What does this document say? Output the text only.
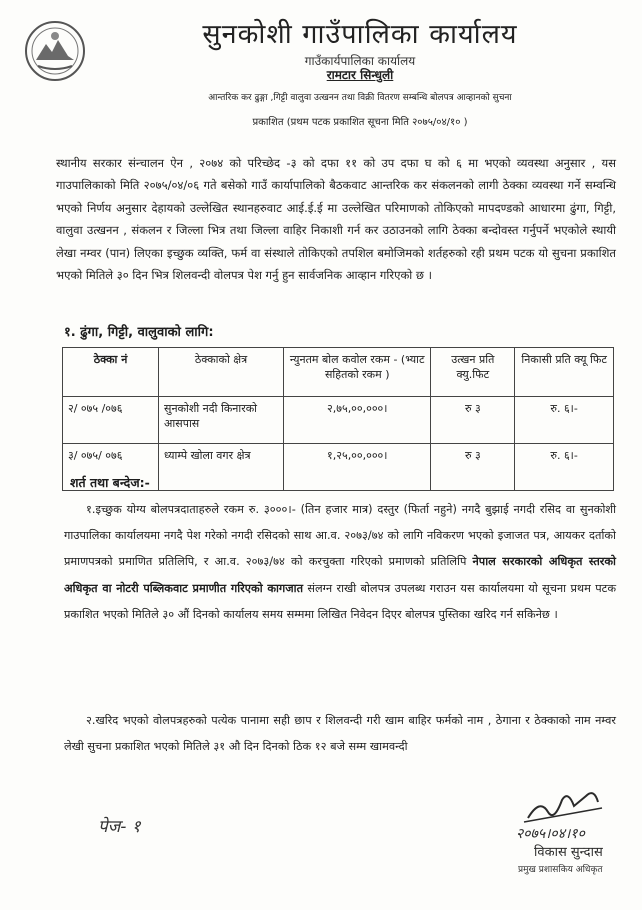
सुनकोशी गाउँपालिका कार्यालय
गाउँकार्यपालिका कार्यालय
रामटार सिन्धुली
आन्तरिक कर ढुङ्गा ,गिट्टी वालुवा उत्खनन तथा विक्री वितरण सम्बन्धि बोलपत्र आव्हानको सुचना
प्रकाशित (प्रथम पटक प्रकाशित सूचना मिति २०७५/०४/१० )
स्थानीय सरकार संन्चालन ऐन , २०७४ को परिच्छेद -३ को दफा ११ को उप दफा घ को ६ मा भएको व्यवस्था अनुसार , यस गाउपालिकाको मिति २०७५/०४/०६ गते बसेको गाउँ कार्यापालिको बैठकवाट आन्तरिक कर संकलनको लागी ठेक्का व्यवस्था गर्ने सम्वन्धि भएको निर्णय अनुसार देहायको उल्लेखित स्थानहरुवाट आई.ई.ई मा उल्लेखित परिमाणको तोकिएको मापदण्डको आधारमा ढुंगा, गिट्टी, वालुवा उत्खनन , संकलन र जिल्ला भित्र तथा जिल्ला वाहिर निकाशी गर्न कर उठाउनको लागि ठेक्का बन्दोवस्त गर्नुपर्ने भएकोले स्थायी लेखा नम्वर (पान) लिएका इच्छुक व्यक्ति, फर्म वा संस्थाले तोकिएको तपशिल बमोजिमको शर्तहरुको रही प्रथम पटक यो सुचना प्रकाशित भएको मितिले ३० दिन भित्र शिलवन्दी वोलपत्र पेश गर्नु हुन सार्वजनिक आव्हान गरिएको छ ।
१. ढुंगा, गिट्टी, वालुवाको लागि:
ठेक्का नं	ठेक्काको क्षेत्र	न्युनतम बोल कवोल रकम - (भ्याट सहितको रकम )	उत्खन प्रति क्यु.फिट	निकासी प्रति क्यू फिट
२/ ०७५ /०७६	सुनकोशी नदी किनारको आसपास	२,७५,००,०००।	रु ३	रु. ६।-
३/ ०७५/ ०७६	ध्याम्पे खोला वगर क्षेत्र	१,२५,००,०००।	रु ३	रु. ६।-
शर्त तथा बन्देज:-
१.इच्छुक योग्य बोलपत्रदाताहरुले रकम रु. ३०००।- (तिन हजार मात्र) दस्तुर (फिर्ता नहुने) नगदै बुझाई नगदी रसिद वा सुनकोशी गाउपालिका कार्यालयमा नगदै पेश गरेको नगदी रसिदको साथ आ.व. २०७३/७४ को लागि नविकरण भएको इजाजत पत्र, आयकर दर्ताको प्रमाणपत्रको प्रमाणित प्रतिलिपि, र आ.व. २०७३/७४ को करचुक्ता गरिएको प्रमाणको प्रतिलिपि नेपाल सरकारको अधिकृत स्तरको अधिकृत वा नोटरी पब्लिकवाट प्रमाणीत गरिएको कागजात संलग्न राखी बोलपत्र उपलब्ध गराउन यस कार्यालयमा यो सूचना प्रथम पटक प्रकाशित भएको मितिले ३० औं दिनको कार्यालय समय सम्ममा लिखित निवेदन दिएर बोलपत्र पुस्तिका खरिद गर्न सकिनेछ ।
२.खरिद भएको वोलपत्रहरुको पत्येक पानामा सही छाप र शिलवन्दी गरी खाम बाहिर फर्मको नाम , ठेगाना र ठेक्काको नाम नम्वर लेखी सुचना प्रकाशित भएको मितिले ३१ औ दिन दिनको ठिक १२ बजे सम्म खामवन्दी
पेज- १	२०७५।०४।१०
विकास सुन्दास
प्रमुख प्रशासकिय अधिकृत
